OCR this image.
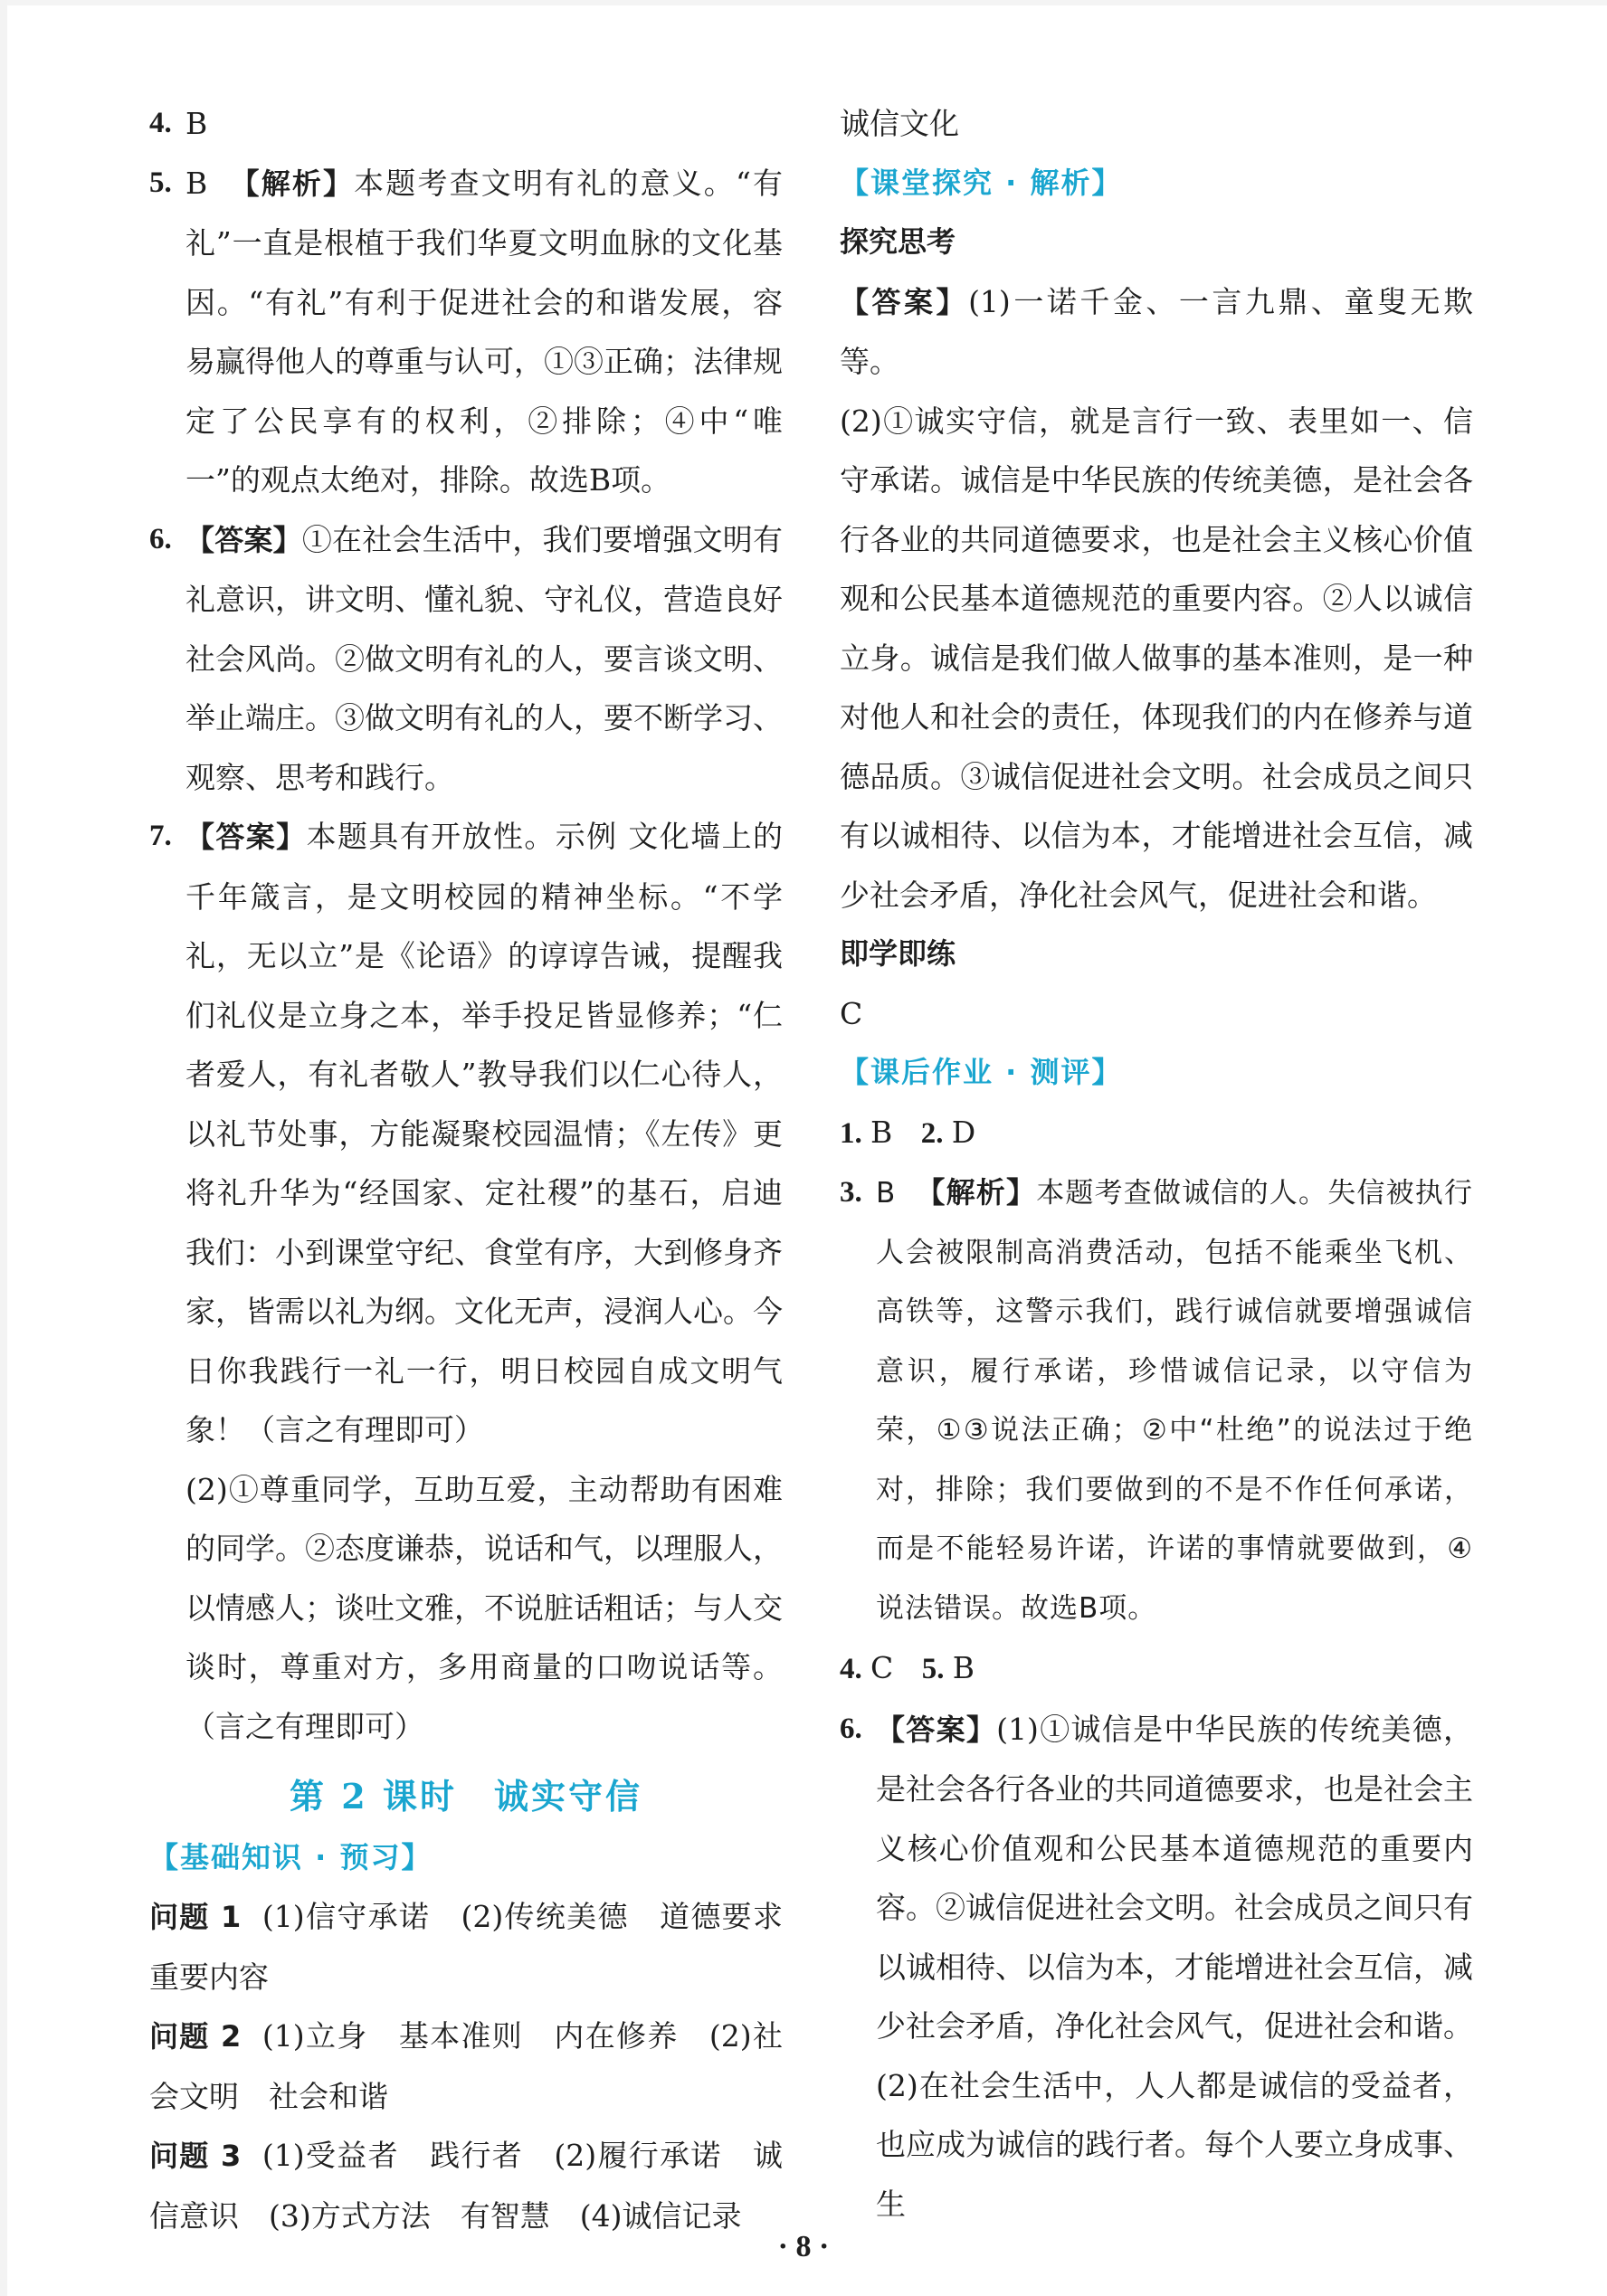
4. B
5. B 【解析】本题考查文明有礼的意义。“有礼”一直是根植于我们华夏文明血脉的文化基因。“有礼”有利于促进社会的和谐发展，容易赢得他人的尊重与认可，①③正确；法律规定了公民享有的权利，②排除；④中“唯一”的观点太绝对，排除。故选B项。
6. 【答案】①在社会生活中，我们要增强文明有礼意识，讲文明、懂礼貌、守礼仪，营造良好社会风尚。②做文明有礼的人，要言谈文明、举止端庄。③做文明有礼的人，要不断学习、观察、思考和践行。
7. 【答案】本题具有开放性。示例 文化墙上的千年箴言，是文明校园的精神坐标。“不学礼，无以立”是《论语》的谆谆告诫，提醒我们礼仪是立身之本，举手投足皆显修养；“仁者爱人，有礼者敬人”教导我们以仁心待人，以礼节处事，方能凝聚校园温情；《左传》更将礼升华为“经国家、定社稷”的基石，启迪我们：小到课堂守纪、食堂有序，大到修身齐家，皆需以礼为纲。文化无声，浸润人心。今日你我践行一礼一行，明日校园自成文明气象！（言之有理即可）
(2)①尊重同学，互助互爱，主动帮助有困难的同学。②态度谦恭，说话和气，以理服人，以情感人；谈吐文雅，不说脏话粗话；与人交谈时，尊重对方，多用商量的口吻说话等。（言之有理即可）
第 2 课时　诚实守信
【基础知识 · 预习】
问题 1 (1)信守承诺　(2)传统美德　道德要求　重要内容
问题 2 (1)立身　基本准则　内在修养　(2)社会文明　社会和谐
问题 3 (1)受益者　践行者　(2)履行承诺　诚信意识　(3)方式方法　有智慧　(4)诚信记录
诚信文化
【课堂探究 · 解析】
探究思考
【答案】(1)一诺千金、一言九鼎、童叟无欺等。
(2)①诚实守信，就是言行一致、表里如一、信守承诺。诚信是中华民族的传统美德，是社会各行各业的共同道德要求，也是社会主义核心价值观和公民基本道德规范的重要内容。②人以诚信立身。诚信是我们做人做事的基本准则，是一种对他人和社会的责任，体现我们的内在修养与道德品质。③诚信促进社会文明。社会成员之间只有以诚相待、以信为本，才能增进社会互信，减少社会矛盾，净化社会风气，促进社会和谐。
即学即练
C
【课后作业 · 测评】
1. B 2. D
3. B 【解析】本题考查做诚信的人。失信被执行人会被限制高消费活动，包括不能乘坐飞机、高铁等，这警示我们，践行诚信就要增强诚信意识，履行承诺，珍惜诚信记录，以守信为荣，①③说法正确；②中“杜绝”的说法过于绝对，排除；我们要做到的不是不作任何承诺，而是不能轻易许诺，许诺的事情就要做到，④说法错误。故选B项。
4. C 5. B
6. 【答案】(1)①诚信是中华民族的传统美德，是社会各行各业的共同道德要求，也是社会主义核心价值观和公民基本道德规范的重要内容。②诚信促进社会文明。社会成员之间只有以诚相待、以信为本，才能增进社会互信，减少社会矛盾，净化社会风气，促进社会和谐。
(2)在社会生活中，人人都是诚信的受益者，也应成为诚信的践行者。每个人要立身成事、生
· 8 ·
